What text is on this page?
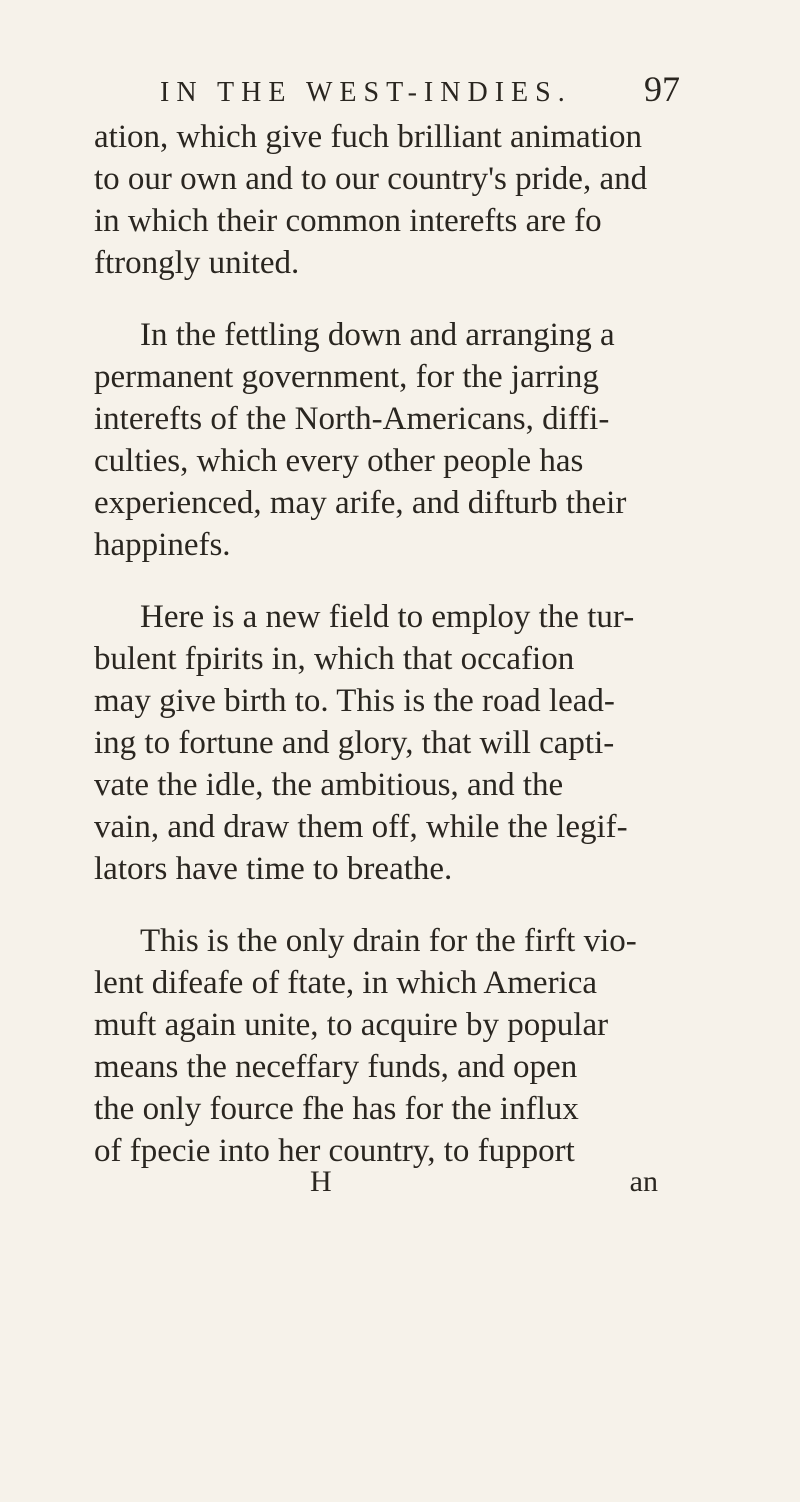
IN THE WEST-INDIES. 97
ation, which give fuch brilliant animation
to our own and to our country's pride, and
in which their common interefts are fo
ftrongly united.
In the fettling down and arranging a
permanent government, for the jarring
interefts of the North-Americans, diffi-
culties, which every other people has
experienced, may arife, and difturb their
happinefs.
Here is a new field to employ the tur-
bulent fpirits in, which that occafion
may give birth to. This is the road lead-
ing to fortune and glory, that will capti-
vate the idle, the ambitious, and the
vain, and draw them off, while the legif-
lators have time to breathe.
This is the only drain for the firft vio-
lent difeafe of ftate, in which America
muft again unite, to acquire by popular
means the neceffary funds, and open
the only fource fhe has for the influx
of fpecie into her country, to fupport
H	an
